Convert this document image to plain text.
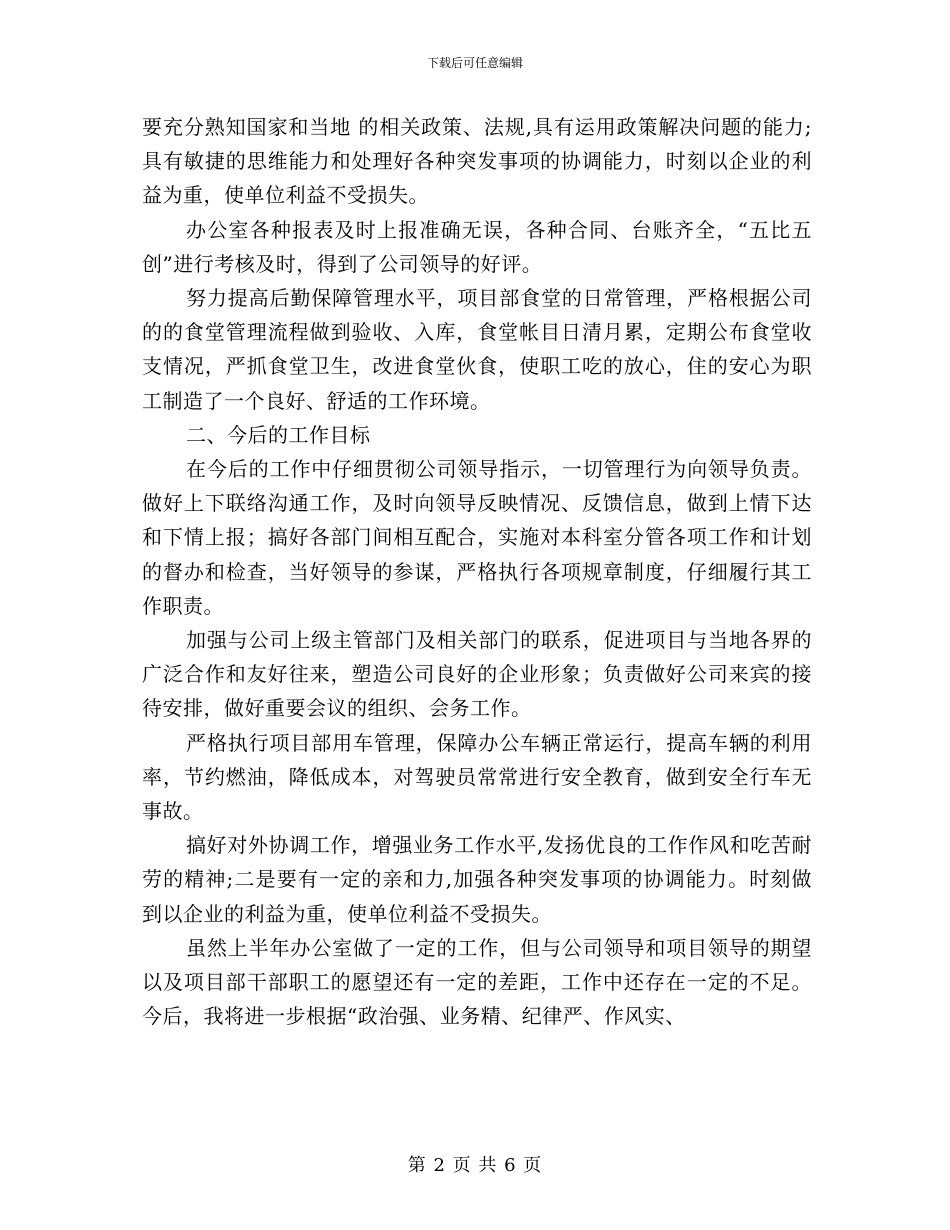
下载后可任意编辑

要充分熟知国家和当地 的相关政策、法规,具有运用政策解决问题的能力;具有敏捷的思维能力和处理好各种突发事项的协调能力，时刻以企业的利益为重，使单位利益不受损失。

办公室各种报表及时上报准确无误，各种合同、台账齐全，“五比五创”进行考核及时，得到了公司领导的好评。

努力提高后勤保障管理水平，项目部食堂的日常管理，严格根据公司的的食堂管理流程做到验收、入库，食堂帐目日清月累，定期公布食堂收支情况，严抓食堂卫生，改进食堂伙食，使职工吃的放心，住的安心为职工制造了一个良好、舒适的工作环境。

二、今后的工作目标

在今后的工作中仔细贯彻公司领导指示，一切管理行为向领导负责。做好上下联络沟通工作，及时向领导反映情况、反馈信息，做到上情下达和下情上报；搞好各部门间相互配合，实施对本科室分管各项工作和计划的督办和检查，当好领导的参谋，严格执行各项规章制度，仔细履行其工作职责。

加强与公司上级主管部门及相关部门的联系，促进项目与当地各界的广泛合作和友好往来，塑造公司良好的企业形象；负责做好公司来宾的接待安排，做好重要会议的组织、会务工作。

严格执行项目部用车管理，保障办公车辆正常运行，提高车辆的利用率，节约燃油，降低成本，对驾驶员常常进行安全教育，做到安全行车无事故。

搞好对外协调工作，增强业务工作水平,发扬优良的工作作风和吃苦耐劳的精神;二是要有一定的亲和力,加强各种突发事项的协调能力。时刻做到以企业的利益为重，使单位利益不受损失。

虽然上半年办公室做了一定的工作，但与公司领导和项目领导的期望以及项目部干部职工的愿望还有一定的差距，工作中还存在一定的不足。今后，我将进一步根据“政治强、业务精、纪律严、作风实、

第 2 页 共 6 页
